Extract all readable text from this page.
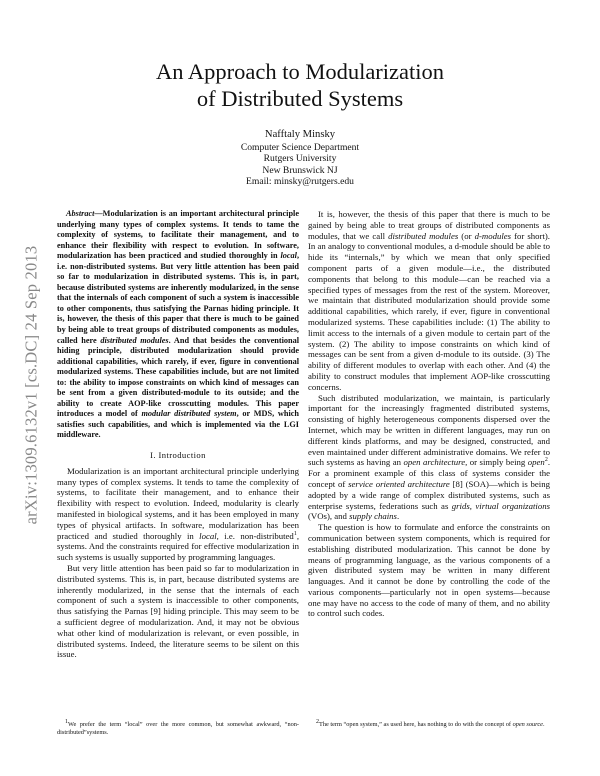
arXiv:1309.6132v1 [cs.DC] 24 Sep 2013
An Approach to Modularization
of Distributed Systems
Nafftaly Minsky
Computer Science Department
Rutgers University
New Brunswick NJ
Email: minsky@rutgers.edu

Abstract—Modularization is an important architectural principle underlying many types of complex systems. It tends to tame the complexity of systems, to facilitate their management, and to enhance their flexibility with respect to evolution. In software, modularization has been practiced and studied thoroughly in local, i.e. non-distributed systems. But very little attention has been paid so far to modularization in distributed systems. This is, in part, because distributed systems are inherently modularized, in the sense that the internals of each component of such a system is inaccessible to other components, thus satisfying the Parnas hiding principle. It is, however, the thesis of this paper that there is much to be gained by being able to treat groups of distributed components as modules, called here distributed modules. And that besides the conventional hiding principle, distributed modularization should provide additional capabilities, which rarely, if ever, figure in conventional modularized systems. These capabilities include, but are not limited to: the ability to impose constraints on which kind of messages can be sent from a given distributed-module to its outside; and the ability to create AOP-like crosscutting modules. This paper introduces a model of modular distributed system, or MDS, which satisfies such capabilities, and which is implemented via the LGI middleware.

I. Introduction

Modularization is an important architectural principle underlying many types of complex systems. It tends to tame the complexity of systems, to facilitate their management, and to enhance their flexibility with respect to evolution. Indeed, modularity is clearly manifested in biological systems, and it has been employed in many types of physical artifacts. In software, modularization has been practiced and studied thoroughly in local, i.e. non-distributed$^1$, systems. And the constraints required for effective modularization in such systems is usually supported by programming languages.

But very little attention has been paid so far to modularization in distributed systems. This is, in part, because distributed systems are inherently modularized, in the sense that the internals of each component of such a system is inaccessible to other components, thus satisfying the Parnas [9] hiding principle. This may seem to be a sufficient degree of modularization. And, it may not be obvious what other kind of modularization is relevant, or even possible, in distributed systems. Indeed, the literature seems to be silent on this issue.

It is, however, the thesis of this paper that there is much to be gained by being able to treat groups of distributed components as modules, that we call distributed modules (or d-modules for short). In an analogy to conventional modules, a d-module should be able to hide its “internals,” by which we mean that only specified component parts of a given module—i.e., the distributed components that belong to this module—can be reached via a specified types of messages from the rest of the system. Moreover, we maintain that distributed modularization should provide some additional capabilities, which rarely, if ever, figure in conventional modularized systems. These capabilities include: (1) The ability to limit access to the internals of a given module to certain part of the system. (2) The ability to impose constraints on which kind of messages can be sent from a given d-module to its outside. (3) The ability of different modules to overlap with each other. And (4) the ability to construct modules that implement AOP-like crosscutting concerns.

Such distributed modularization, we maintain, is particularly important for the increasingly fragmented distributed systems, consisting of highly heterogeneous components dispersed over the Internet, which may be written in different languages, may run on different kinds platforms, and may be designed, constructed, and even maintained under different administrative domains. We refer to such systems as having an open architecture, or simply being open$^2$. For a prominent example of this class of systems consider the concept of service oriented architecture [8] (SOA)—which is being adopted by a wide range of complex distributed systems, such as enterprise systems, federations such as grids, virtual organizations (VOs), and supply chains.

The question is how to formulate and enforce the constraints on communication between system components, which is required for establishing distributed modularization. This cannot be done by means of programming language, as the various components of a given distributed system may be written in many different languages. And it cannot be done by controlling the code of the various components—particularly not in open systems—because one may have no access to the code of many of them, and no ability to control such codes.

$^1$We prefer the term “local” over the more common, but somewhat awkward, “non-distributed”systems.

$^2$The term “open system,” as used here, has nothing to do with the concept of open source.
